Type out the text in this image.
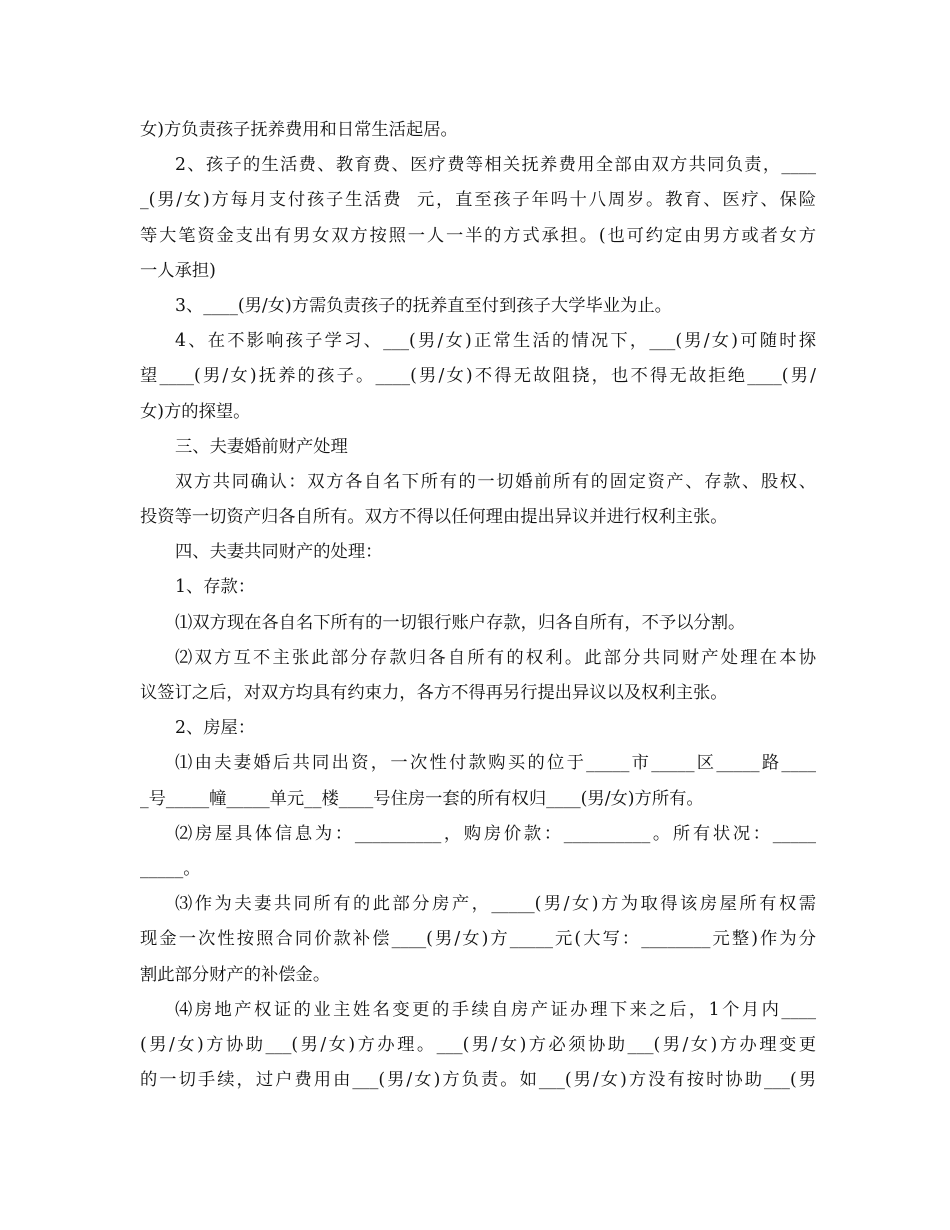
女)方负责孩子抚养费用和日常生活起居。
2、孩子的生活费、教育费、医疗费等相关抚养费用全部由双方共同负责，____
_(男/女)方每月支付孩子生活费  元，直至孩子年吗十八周岁。教育、医疗、保险
等大笔资金支出有男女双方按照一人一半的方式承担。(也可约定由男方或者女方
一人承担)
3、____(男/女)方需负责孩子的抚养直至付到孩子大学毕业为止。
4、在不影响孩子学习、___(男/女)正常生活的情况下，___(男/女)可随时探
望____(男/女)抚养的孩子。____(男/女)不得无故阻挠，也不得无故拒绝____(男/
女)方的探望。
三、夫妻婚前财产处理
双方共同确认：双方各自名下所有的一切婚前所有的固定资产、存款、股权、
投资等一切资产归各自所有。双方不得以任何理由提出异议并进行权利主张。
四、夫妻共同财产的处理：
1、存款：
⑴双方现在各自名下所有的一切银行账户存款，归各自所有，不予以分割。
⑵双方互不主张此部分存款归各自所有的权利。此部分共同财产处理在本协
议签订之后，对双方均具有约束力，各方不得再另行提出异议以及权利主张。
2、房屋：
⑴由夫妻婚后共同出资，一次性付款购买的位于_____市_____区_____路____
_号_____幢_____单元__楼____号住房一套的所有权归____(男/女)方所有。
⑵房屋具体信息为：__________，购房价款：__________。所有状况：_____
_____。
⑶作为夫妻共同所有的此部分房产，_____(男/女)方为取得该房屋所有权需
现金一次性按照合同价款补偿____(男/女)方_____元(大写：________元整)作为分
割此部分财产的补偿金。
⑷房地产权证的业主姓名变更的手续自房产证办理下来之后，1个月内____
(男/女)方协助___(男/女)方办理。___(男/女)方必须协助___(男/女)方办理变更
的一切手续，过户费用由___(男/女)方负责。如___(男/女)方没有按时协助___(男
